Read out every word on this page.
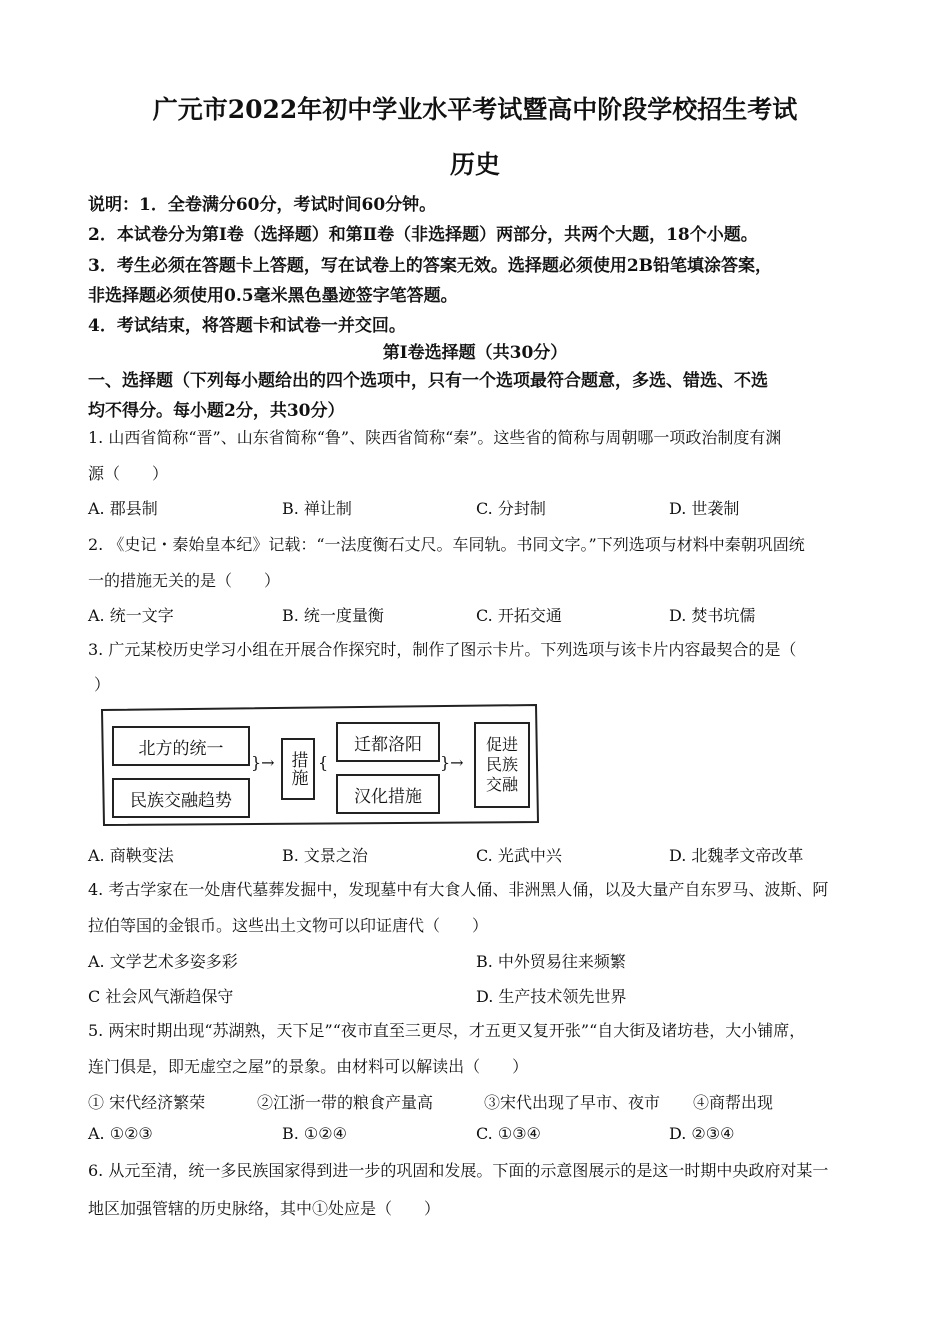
广元市2022年初中学业水平考试暨高中阶段学校招生考试
历史
说明：1．全卷满分60分，考试时间60分钟。
2．本试卷分为第Ⅰ卷（选择题）和第Ⅱ卷（非选择题）两部分，共两个大题，18个小题。
3．考生必须在答题卡上答题，写在试卷上的答案无效。选择题必须使用2B铅笔填涂答案，
非选择题必须使用0.5毫米黑色墨迹签字笔答题。
4．考试结束，将答题卡和试卷一并交回。
第Ⅰ卷选择题（共30分）
一、选择题（下列每小题给出的四个选项中，只有一个选项最符合题意，多选、错选、不选
均不得分。每小题2分，共30分）
1. 山西省简称“晋”、山东省简称“鲁”、陕西省简称“秦”。这些省的简称与周朝哪一项政治制度有渊
源（　　）
A. 郡县制	B. 禅让制	C. 分封制	D. 世袭制
2. 《史记・秦始皇本纪》记载：“一法度衡石丈尺。车同轨。书同文字。”下列选项与材料中秦朝巩固统
一的措施无关的是（　　）
A. 统一文字	B. 统一度量衡	C. 开拓交通	D. 焚书坑儒
3. 广元某校历史学习小组在开展合作探究时，制作了图示卡片。下列选项与该卡片内容最契合的是（
）
北方的统一
民族交融趋势
}→ 措施 {
迁都洛阳
汉化措施
}→
促进民族交融
A. 商鞅变法	B. 文景之治	C. 光武中兴	D. 北魏孝文帝改革
4. 考古学家在一处唐代墓葬发掘中，发现墓中有大食人俑、非洲黑人俑，以及大量产自东罗马、波斯、阿
拉伯等国的金银币。这些出土文物可以印证唐代（　　）
A. 文学艺术多姿多彩	B. 中外贸易往来频繁
C 社会风气渐趋保守	D. 生产技术领先世界
5. 两宋时期出现“苏湖熟，天下足”“夜市直至三更尽，才五更又复开张”“自大街及诸坊巷，大小铺席，
连门俱是，即无虚空之屋”的景象。由材料可以解读出（　　）
① 宋代经济繁荣	②江浙一带的粮食产量高	③宋代出现了早市、夜市 ④商帮出现
A. ①②③	B. ①②④	C. ①③④	D. ②③④
6. 从元至清，统一多民族国家得到进一步的巩固和发展。下面的示意图展示的是这一时期中央政府对某一
地区加强管辖的历史脉络，其中①处应是（　　）
